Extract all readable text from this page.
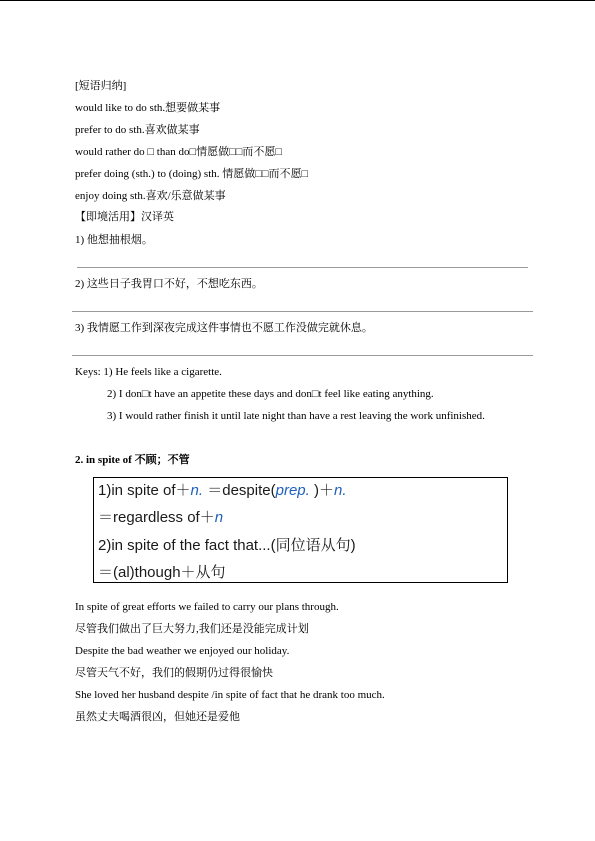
[短语归纳]
would like to do sth.想要做某事
prefer to do sth.喜欢做某事
would rather do □ than do□情愿做□□而不愿□
prefer doing (sth.) to (doing) sth. 情愿做□□而不愿□
enjoy doing sth.喜欢/乐意做某事
【即境活用】汉译英
1) 他想抽根烟。
2) 这些日子我胃口不好，不想吃东西。
3) 我情愿工作到深夜完成这件事情也不愿工作没做完就休息。
Keys: 1) He feels like a cigarette.
2) I don□t have an appetite these days and don□t feel like eating anything.
3) I would rather finish it until late night than have a rest leaving the work unfinished.
2. in spite of 不顾；不管
1)in spite of＋n. ＝despite(prep. )＋n.
＝regardless of＋n
2)in spite of the fact that...(同位语从句)
＝(al)though＋从句
In spite of great efforts we failed to carry our plans through.
尽管我们做出了巨大努力,我们还是没能完成计划
Despite the bad weather we enjoyed our holiday.
尽管天气不好，我们的假期仍过得很愉快
She loved her husband despite /in spite of fact that he drank too much.
虽然丈夫喝酒很凶，但她还是爱他
